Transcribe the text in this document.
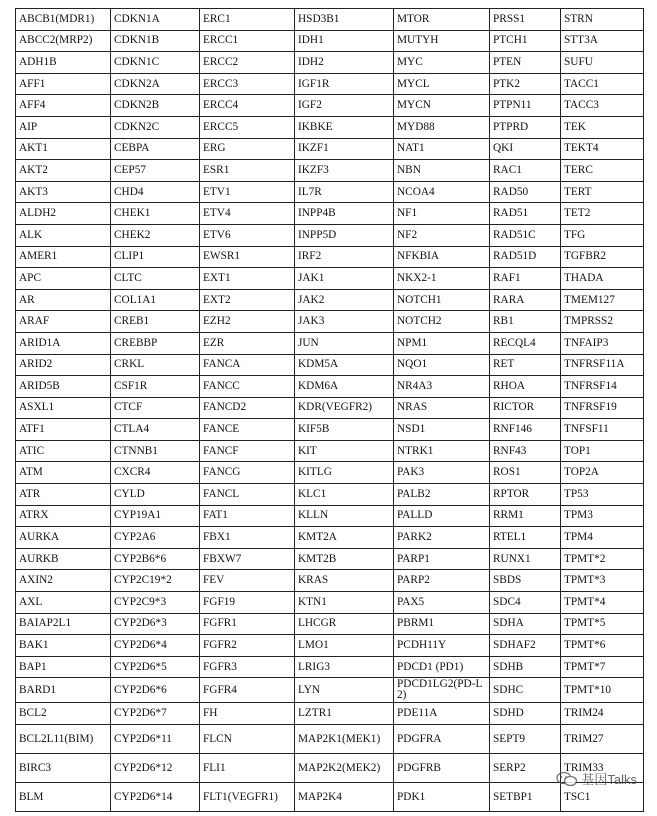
ABCB1(MDR1)	CDKN1A	ERC1	HSD3B1	MTOR	PRSS1	STRN
ABCC2(MRP2)	CDKN1B	ERCC1	IDH1	MUTYH	PTCH1	STT3A
ADH1B	CDKN1C	ERCC2	IDH2	MYC	PTEN	SUFU
AFF1	CDKN2A	ERCC3	IGF1R	MYCL	PTK2	TACC1
AFF4	CDKN2B	ERCC4	IGF2	MYCN	PTPN11	TACC3
AIP	CDKN2C	ERCC5	IKBKE	MYD88	PTPRD	TEK
AKT1	CEBPA	ERG	IKZF1	NAT1	QKI	TEKT4
AKT2	CEP57	ESR1	IKZF3	NBN	RAC1	TERC
AKT3	CHD4	ETV1	IL7R	NCOA4	RAD50	TERT
ALDH2	CHEK1	ETV4	INPP4B	NF1	RAD51	TET2
ALK	CHEK2	ETV6	INPP5D	NF2	RAD51C	TFG
AMER1	CLIP1	EWSR1	IRF2	NFKBIA	RAD51D	TGFBR2
APC	CLTC	EXT1	JAK1	NKX2-1	RAF1	THADA
AR	COL1A1	EXT2	JAK2	NOTCH1	RARA	TMEM127
ARAF	CREB1	EZH2	JAK3	NOTCH2	RB1	TMPRSS2
ARID1A	CREBBP	EZR	JUN	NPM1	RECQL4	TNFAIP3
ARID2	CRKL	FANCA	KDM5A	NQO1	RET	TNFRSF11A
ARID5B	CSF1R	FANCC	KDM6A	NR4A3	RHOA	TNFRSF14
ASXL1	CTCF	FANCD2	KDR(VEGFR2)	NRAS	RICTOR	TNFRSF19
ATF1	CTLA4	FANCE	KIF5B	NSD1	RNF146	TNFSF11
ATIC	CTNNB1	FANCF	KIT	NTRK1	RNF43	TOP1
ATM	CXCR4	FANCG	KITLG	PAK3	ROS1	TOP2A
ATR	CYLD	FANCL	KLC1	PALB2	RPTOR	TP53
ATRX	CYP19A1	FAT1	KLLN	PALLD	RRM1	TPM3
AURKA	CYP2A6	FBX1	KMT2A	PARK2	RTEL1	TPM4
AURKB	CYP2B6*6	FBXW7	KMT2B	PARP1	RUNX1	TPMT*2
AXIN2	CYP2C19*2	FEV	KRAS	PARP2	SBDS	TPMT*3
AXL	CYP2C9*3	FGF19	KTN1	PAX5	SDC4	TPMT*4
BAIAP2L1	CYP2D6*3	FGFR1	LHCGR	PBRM1	SDHA	TPMT*5
BAK1	CYP2D6*4	FGFR2	LMO1	PCDH11Y	SDHAF2	TPMT*6
BAP1	CYP2D6*5	FGFR3	LRIG3	PDCD1 (PD1)	SDHB	TPMT*7
BARD1	CYP2D6*6	FGFR4	LYN	PDCD1LG2(PD-L2)	SDHC	TPMT*10
BCL2	CYP2D6*7	FH	LZTR1	PDE11A	SDHD	TRIM24
BCL2L11(BIM)	CYP2D6*11	FLCN	MAP2K1(MEK1)	PDGFRA	SEPT9	TRIM27
BIRC3	CYP2D6*12	FLI1	MAP2K2(MEK2)	PDGFRB	SERP2	TRIM33
BLM	CYP2D6*14	FLT1(VEGFR1)	MAP2K4	PDK1	SETBP1	TSC1
基因Talks
